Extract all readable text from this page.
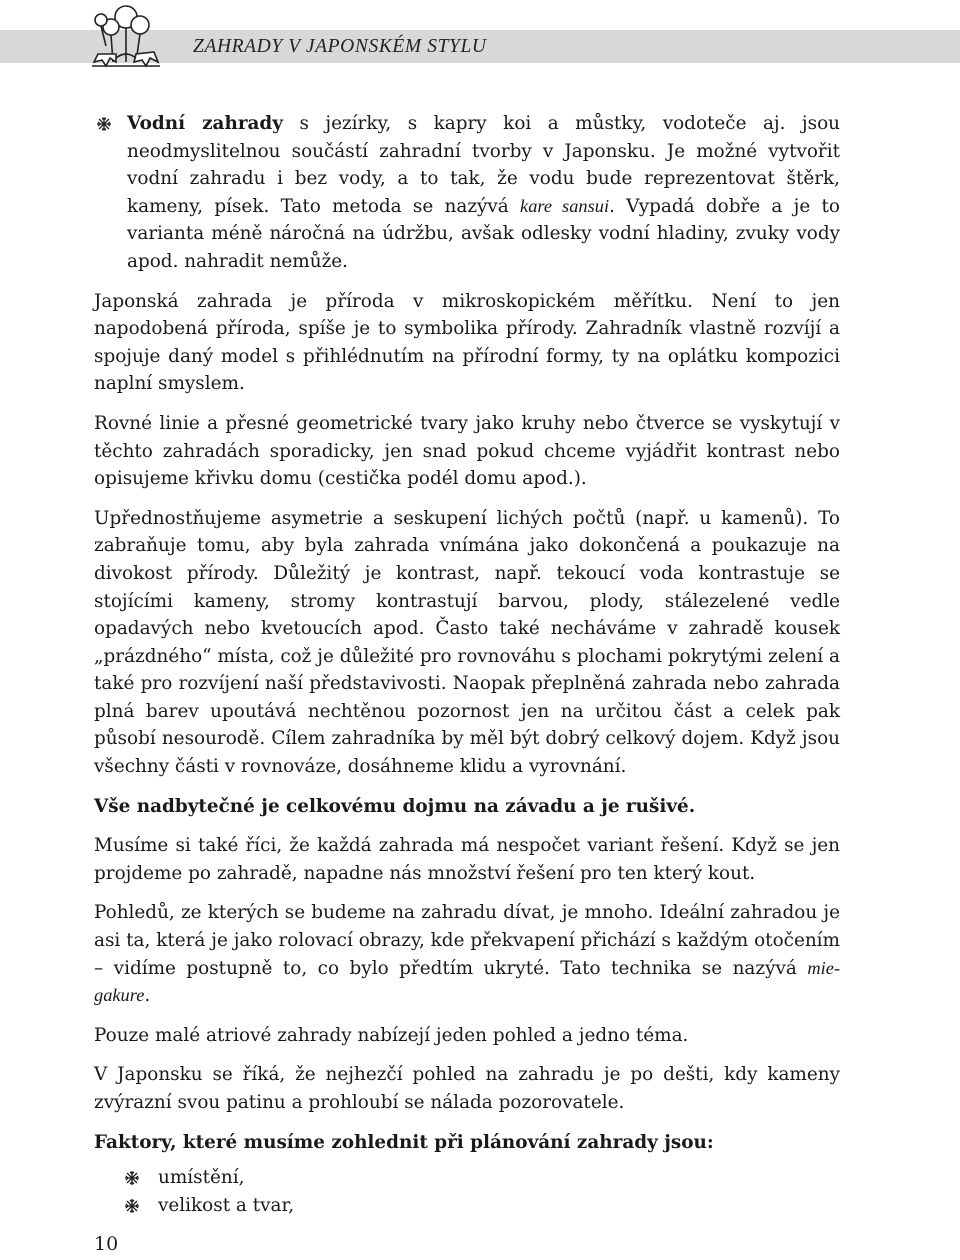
ZAHRADY V JAPONSKÉM STYLU
Vodní zahrady s jezírky, s kapry koi a můstky, vodoteče aj. jsou neodmyslitelnou součástí zahradní tvorby v Japonsku. Je možné vytvořit vodní zahradu i bez vody, a to tak, že vodu bude reprezentovat štěrk, kameny, písek. Tato metoda se nazývá kare sansui. Vypadá dobře a je to varianta méně náročná na údržbu, avšak odlesky vodní hladiny, zvuky vody apod. nahradit nemůže.

Japonská zahrada je příroda v mikroskopickém měřítku. Není to jen napodobená příroda, spíše je to symbolika přírody. Zahradník vlastně rozvíjí a spojuje daný model s přihlédnutím na přírodní formy, ty na oplátku kompozici naplní smyslem.

Rovné linie a přesné geometrické tvary jako kruhy nebo čtverce se vyskytují v těchto zahradách sporadicky, jen snad pokud chceme vyjádřit kontrast nebo opisujeme křivku domu (cestička podél domu apod.).

Upřednostňujeme asymetrie a seskupení lichých počtů (např. u kamenů). To zabraňuje tomu, aby byla zahrada vnímána jako dokončená a poukazuje na divokost přírody. Důležitý je kontrast, např. tekoucí voda kontrastuje se stojícími kameny, stromy kontrastují barvou, plody, stálezelené vedle opadavých nebo kvetoucích apod. Často také necháváme v zahradě kousek „prázdného“ místa, což je důležité pro rovnováhu s plochami pokrytými zelení a také pro rozvíjení naší představivosti. Naopak přeplněná zahrada nebo zahrada plná barev upoutává nechtěnou pozornost jen na určitou část a celek pak působí nesourodě. Cílem zahradníka by měl být dobrý celkový dojem. Když jsou všechny části v rovnováze, dosáhneme klidu a vyrovnání.

Vše nadbytečné je celkovému dojmu na závadu a je rušivé.

Musíme si také říci, že každá zahrada má nespočet variant řešení. Když se jen projdeme po zahradě, napadne nás množství řešení pro ten který kout.

Pohledů, ze kterých se budeme na zahradu dívat, je mnoho. Ideální zahradou je asi ta, která je jako rolovací obrazy, kde překvapení přichází s každým otočením – vidíme postupně to, co bylo předtím ukryté. Tato technika se nazývá mie-gakure.

Pouze malé atriové zahrady nabízejí jeden pohled a jedno téma.

V Japonsku se říká, že nejhezčí pohled na zahradu je po dešti, kdy kameny zvýrazní svou patinu a prohloubí se nálada pozorovatele.

Faktory, které musíme zohlednit při plánování zahrady jsou:

umístění,
velikost a tvar,
10
